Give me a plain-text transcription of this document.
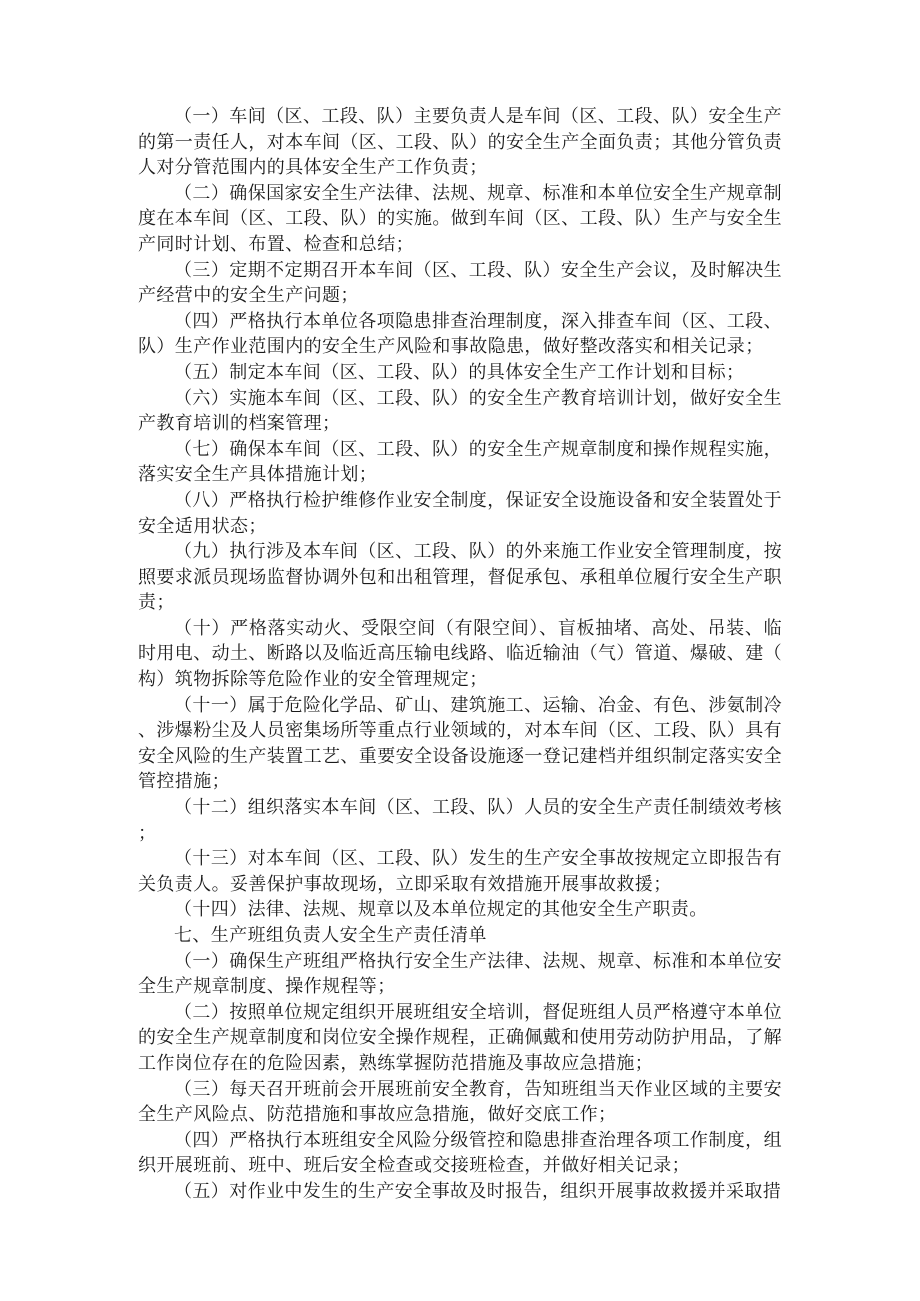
（一）车间（区、工段、队）主要负责人是车间（区、工段、队）安全生产的第一责任人，对本车间（区、工段、队）的安全生产全面负责；其他分管负责人对分管范围内的具体安全生产工作负责；

（二）确保国家安全生产法律、法规、规章、标准和本单位安全生产规章制度在本车间（区、工段、队）的实施。做到车间（区、工段、队）生产与安全生产同时计划、布置、检查和总结；

（三）定期不定期召开本车间（区、工段、队）安全生产会议，及时解决生产经营中的安全生产问题；

（四）严格执行本单位各项隐患排查治理制度，深入排查车间（区、工段、队）生产作业范围内的安全生产风险和事故隐患，做好整改落实和相关记录；

（五）制定本车间（区、工段、队）的具体安全生产工作计划和目标；

（六）实施本车间（区、工段、队）的安全生产教育培训计划，做好安全生产教育培训的档案管理；

（七）确保本车间（区、工段、队）的安全生产规章制度和操作规程实施，落实安全生产具体措施计划；

（八）严格执行检护维修作业安全制度，保证安全设施设备和安全装置处于安全适用状态；

（九）执行涉及本车间（区、工段、队）的外来施工作业安全管理制度，按照要求派员现场监督协调外包和出租管理，督促承包、承租单位履行安全生产职责；

（十）严格落实动火、受限空间（有限空间）、盲板抽堵、高处、吊装、临时用电、动土、断路以及临近高压输电线路、临近输油（气）管道、爆破、建（构）筑物拆除等危险作业的安全管理规定；

（十一）属于危险化学品、矿山、建筑施工、运输、冶金、有色、涉氨制冷、涉爆粉尘及人员密集场所等重点行业领域的，对本车间（区、工段、队）具有安全风险的生产装置工艺、重要安全设备设施逐一登记建档并组织制定落实安全管控措施；

（十二）组织落实本车间（区、工段、队）人员的安全生产责任制绩效考核；

（十三）对本车间（区、工段、队）发生的生产安全事故按规定立即报告有关负责人。妥善保护事故现场，立即采取有效措施开展事故救援；

（十四）法律、法规、规章以及本单位规定的其他安全生产职责。

七、生产班组负责人安全生产责任清单

（一）确保生产班组严格执行安全生产法律、法规、规章、标准和本单位安全生产规章制度、操作规程等；

（二）按照单位规定组织开展班组安全培训，督促班组人员严格遵守本单位的安全生产规章制度和岗位安全操作规程，正确佩戴和使用劳动防护用品，了解工作岗位存在的危险因素，熟练掌握防范措施及事故应急措施；

（三）每天召开班前会开展班前安全教育，告知班组当天作业区域的主要安全生产风险点、防范措施和事故应急措施，做好交底工作；

（四）严格执行本班组安全风险分级管控和隐患排查治理各项工作制度，组织开展班前、班中、班后安全检查或交接班检查，并做好相关记录；

（五）对作业中发生的生产安全事故及时报告，组织开展事故救援并采取措
